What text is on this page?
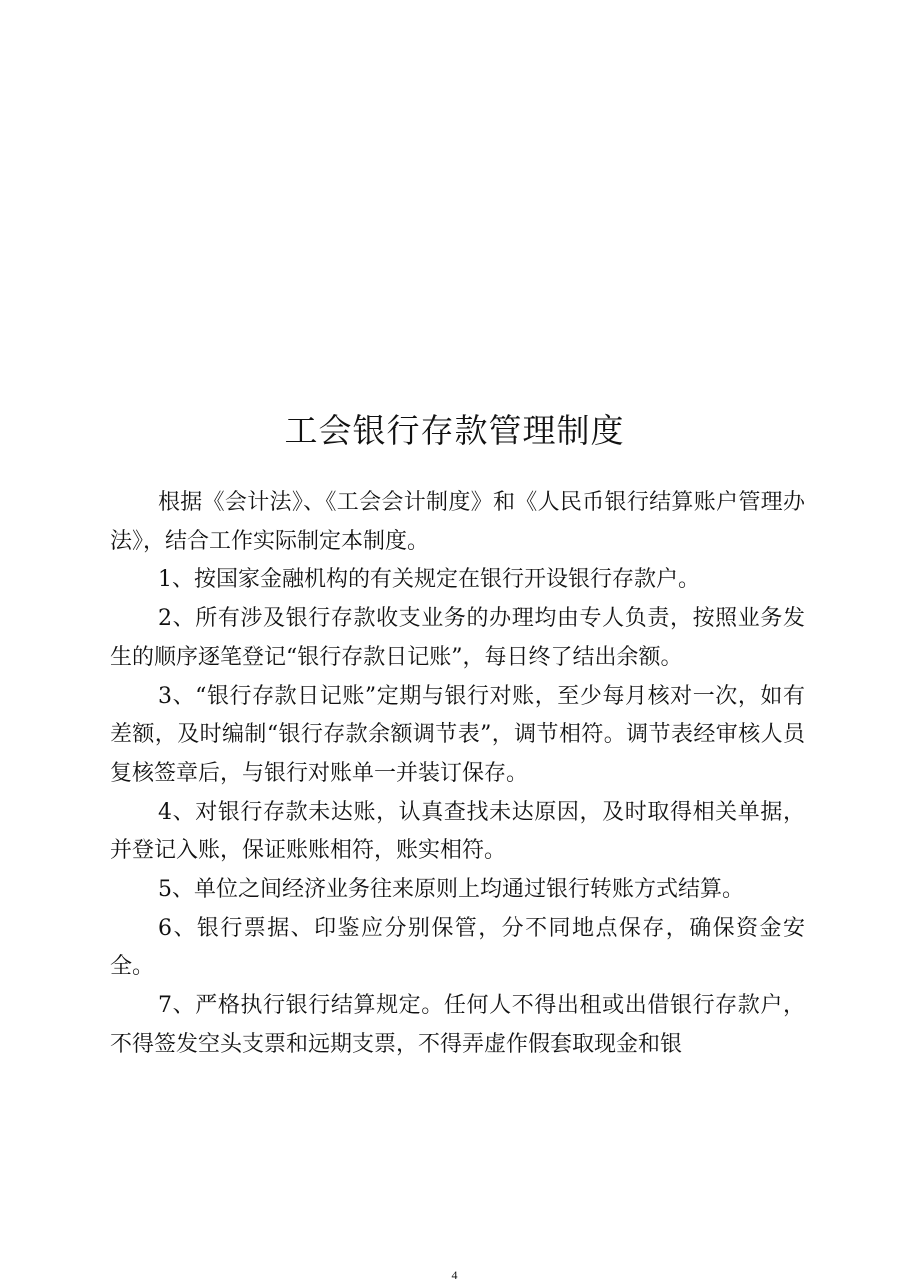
工会银行存款管理制度

根据《会计法》、《工会会计制度》和《人民币银行结算账户管理办法》，结合工作实际制定本制度。

1、按国家金融机构的有关规定在银行开设银行存款户。

2、所有涉及银行存款收支业务的办理均由专人负责，按照业务发生的顺序逐笔登记“银行存款日记账”，每日终了结出余额。

3、“银行存款日记账”定期与银行对账，至少每月核对一次，如有差额，及时编制“银行存款余额调节表”，调节相符。调节表经审核人员复核签章后，与银行对账单一并装订保存。

4、对银行存款未达账，认真查找未达原因，及时取得相关单据，并登记入账，保证账账相符，账实相符。

5、单位之间经济业务往来原则上均通过银行转账方式结算。

6、银行票据、印鉴应分别保管，分不同地点保存，确保资金安全。

7、严格执行银行结算规定。任何人不得出租或出借银行存款户，不得签发空头支票和远期支票，不得弄虚作假套取现金和银

4
